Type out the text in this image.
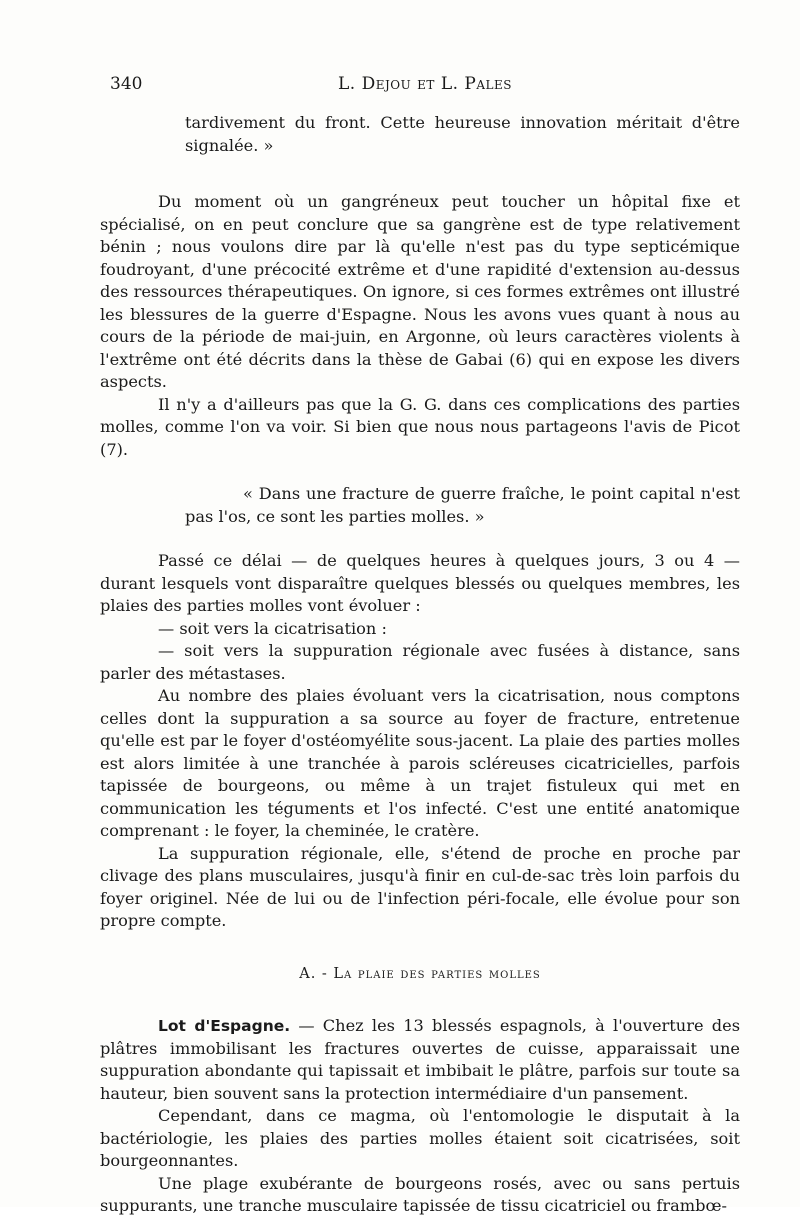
340	L. Dejou et L. Pales

tardivement du front. Cette heureuse innovation méritait d'être signalée. »

Du moment où un gangréneux peut toucher un hôpital fixe et spécialisé, on en peut conclure que sa gangrène est de type relativement bénin ; nous voulons dire par là qu'elle n'est pas du type septicémique foudroyant, d'une précocité extrême et d'une rapidité d'extension au-dessus des ressources thérapeutiques. On ignore, si ces formes extrêmes ont illustré les blessures de la guerre d'Espagne. Nous les avons vues quant à nous au cours de la période de mai-juin, en Argonne, où leurs caractères violents à l'extrême ont été décrits dans la thèse de Gabai (6) qui en expose les divers aspects.

Il n'y a d'ailleurs pas que la G. G. dans ces complications des parties molles, comme l'on va voir. Si bien que nous nous partageons l'avis de Picot (7).

« Dans une fracture de guerre fraîche, le point capital n'est pas l'os, ce sont les parties molles. »

Passé ce délai — de quelques heures à quelques jours, 3 ou 4 — durant lesquels vont disparaître quelques blessés ou quelques membres, les plaies des parties molles vont évoluer :

— soit vers la cicatrisation :

— soit vers la suppuration régionale avec fusées à distance, sans parler des métastases.

Au nombre des plaies évoluant vers la cicatrisation, nous comptons celles dont la suppuration a sa source au foyer de fracture, entretenue qu'elle est par le foyer d'ostéomyélite sous-jacent. La plaie des parties molles est alors limitée à une tranchée à parois scléreuses cicatricielles, parfois tapissée de bourgeons, ou même à un trajet fistuleux qui met en communication les téguments et l'os infecté. C'est une entité anatomique comprenant : le foyer, la cheminée, le cratère.

La suppuration régionale, elle, s'étend de proche en proche par clivage des plans musculaires, jusqu'à finir en cul-de-sac très loin parfois du foyer originel. Née de lui ou de l'infection péri-focale, elle évolue pour son propre compte.

A. - La plaie des parties molles

Lot d'Espagne. — Chez les 13 blessés espagnols, à l'ouverture des plâtres immobilisant les fractures ouvertes de cuisse, apparaissait une suppuration abondante qui tapissait et imbibait le plâtre, parfois sur toute sa hauteur, bien souvent sans la protection intermédiaire d'un pansement.

Cependant, dans ce magma, où l'entomologie le disputait à la bactériologie, les plaies des parties molles étaient soit cicatrisées, soit bourgeonnantes.

Une plage exubérante de bourgeons rosés, avec ou sans pertuis suppurants, une tranche musculaire tapissée de tissu cicatriciel ou frambœ-
